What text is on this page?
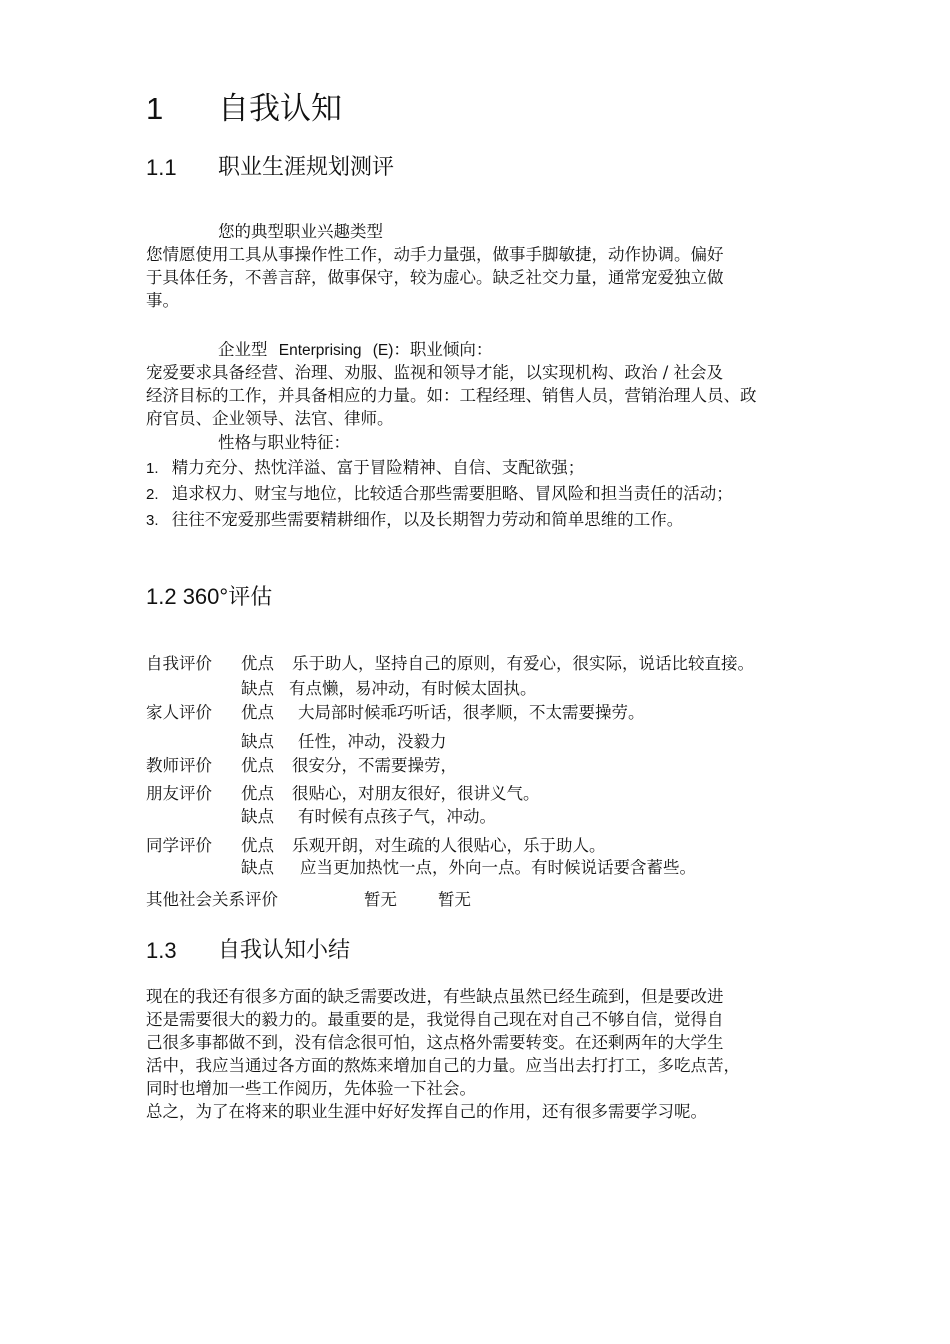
1 自我认知
1.1 职业生涯规划测评
您的典型职业兴趣类型
您情愿使用工具从事操作性工作，动手力量强，做事手脚敏捷，动作协调。偏好
于具体任务，不善言辞，做事保守，较为虚心。缺乏社交力量，通常宠爱独立做
事。
企业型 Enterprising (E)：职业倾向：
宠爱要求具备经营、治理、劝服、监视和领导才能，以实现机构、政治 / 社会及
经济目标的工作，并具备相应的力量。如：工程经理、销售人员，营销治理人员、政
府官员、企业领导、法官、律师。
性格与职业特征：
1. 精力充分、热忱洋溢、富于冒险精神、自信、支配欲强；
2. 追求权力、财宝与地位，比较适合那些需要胆略、冒风险和担当责任的活动；
3. 往往不宠爱那些需要精耕细作，以及长期智力劳动和简单思维的工作。
1.2 360°评估
自我评价 优点 乐于助人，坚持自己的原则，有爱心，很实际，说话比较直接。
缺点 有点懒，易冲动，有时候太固执。
家人评价 优点 大局部时候乖巧听话，很孝顺，不太需要操劳。
缺点 任性，冲动，没毅力
教师评价 优点 很安分，不需要操劳，
朋友评价 优点 很贴心，对朋友很好，很讲义气。
缺点 有时候有点孩子气，冲动。
同学评价 优点 乐观开朗，对生疏的人很贴心，乐于助人。
缺点 应当更加热忱一点，外向一点。有时候说话要含蓄些。
其他社会关系评价	暂无 暂无
1.3 自我认知小结
现在的我还有很多方面的缺乏需要改进，有些缺点虽然已经生疏到，但是要改进
还是需要很大的毅力的。最重要的是，我觉得自己现在对自己不够自信，觉得自
己很多事都做不到，没有信念很可怕，这点格外需要转变。在还剩两年的大学生
活中，我应当通过各方面的熬炼来增加自己的力量。应当出去打打工，多吃点苦，
同时也增加一些工作阅历，先体验一下社会。
总之，为了在将来的职业生涯中好好发挥自己的作用，还有很多需要学习呢。
